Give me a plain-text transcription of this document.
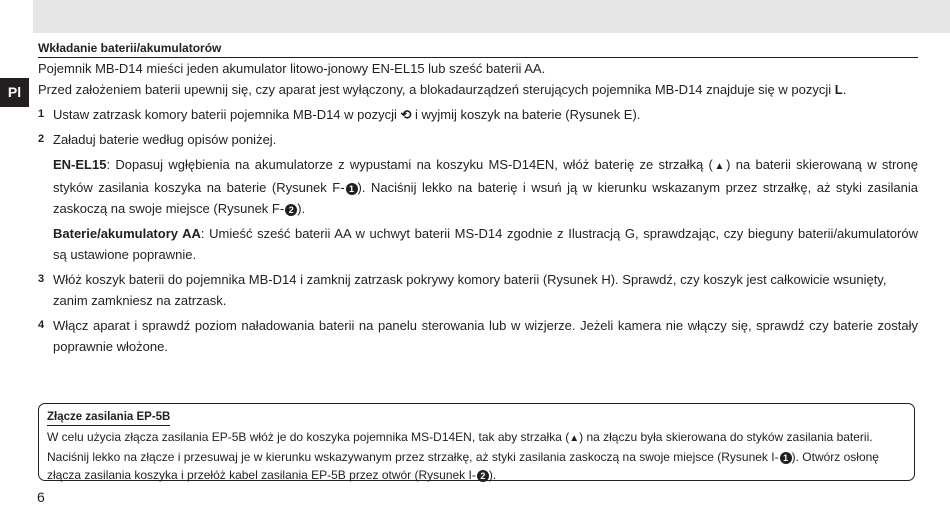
Pl
Wkładanie baterii/akumulatorów

Pojemnik MB-D14 mieści jeden akumulator litowo-jonowy EN-EL15 lub sześć baterii AA.

Przed założeniem baterii upewnij się, czy aparat jest wyłączony, a blokadaurządzeń sterujących pojemnika MB-D14 znajduje się w pozycji L.

1 Ustaw zatrzask komory baterii pojemnika MB-D14 w pozycji ⟲ i wyjmij koszyk na baterie (Rysunek E).
2 Załaduj baterie według opisów poniżej.

EN-EL15: Dopasuj wgłębienia na akumulatorze z wypustami na koszyku MS-D14EN, włóż baterię ze strzałką (▲) na baterii skierowaną w stronę styków zasilania koszyka na baterie (Rysunek F- 1 ). Naciśnij lekko na baterię i wsuń ją w kierunku wskazanym przez strzałkę, aż styki zasilania zaskoczą na swoje miejsce (Rysunek F- 2 ).

Baterie/akumulatory AA: Umieść sześć baterii AA w uchwyt baterii MS-D14 zgodnie z Ilustracją G, sprawdzając, czy bieguny baterii/akumulatorów są ustawione poprawnie.

3 Włóż koszyk baterii do pojemnika MB-D14 i zamknij zatrzask pokrywy komory baterii (Rysunek H). Sprawdź, czy koszyk jest całkowicie wsunięty, zanim zamkniesz na zatrzask.
4 Włącz aparat i sprawdź poziom naładowania baterii na panelu sterowania lub w wizjerze. Jeżeli kamera nie włączy się, sprawdź czy baterie zostały poprawnie włożone.
Złącze zasilania EP-5B

W celu użycia złącza zasilania EP-5B włóż je do koszyka pojemnika MS-D14EN, tak aby strzałka (▲) na złączu była skierowana do styków zasilania baterii. Naciśnij lekko na złącze i przesuwaj je w kierunku wskazywanym przez strzałkę, aż styki zasilania zaskoczą na swoje miejsce (Rysunek I- 1 ). Otwórz osłonę złącza zasilania koszyka i przełóż kabel zasilania EP-5B przez otwór (Rysunek I- 2 ).

6
